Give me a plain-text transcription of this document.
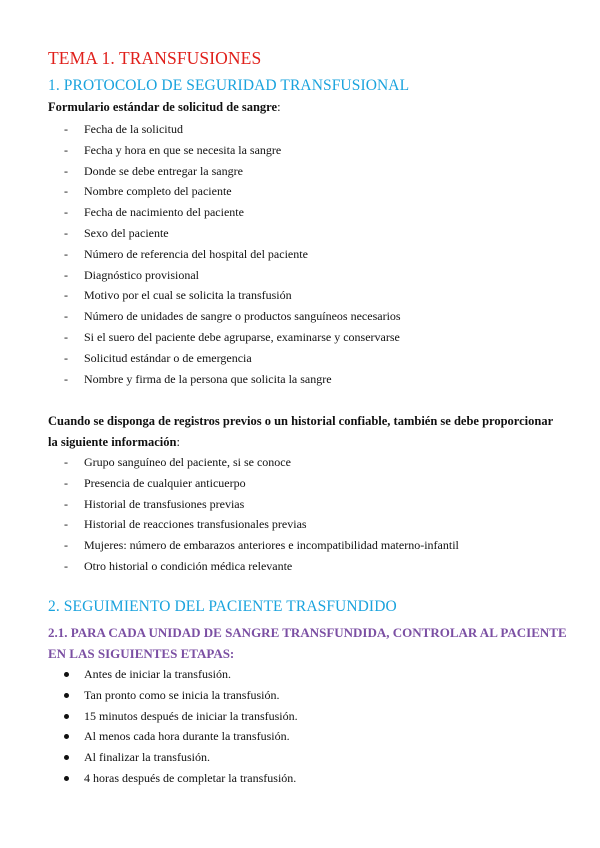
TEMA 1. TRANSFUSIONES
1. PROTOCOLO DE SEGURIDAD TRANSFUSIONAL
Formulario estándar de solicitud de sangre:
- Fecha de la solicitud
- Fecha y hora en que se necesita la sangre
- Donde se debe entregar la sangre
- Nombre completo del paciente
- Fecha de nacimiento del paciente
- Sexo del paciente
- Número de referencia del hospital del paciente
- Diagnóstico provisional
- Motivo por el cual se solicita la transfusión
- Número de unidades de sangre o productos sanguíneos necesarios
- Si el suero del paciente debe agruparse, examinarse y conservarse
- Solicitud estándar o de emergencia
- Nombre y firma de la persona que solicita la sangre
Cuando se disponga de registros previos o un historial confiable, también se debe proporcionar la siguiente información:
- Grupo sanguíneo del paciente, si se conoce
- Presencia de cualquier anticuerpo
- Historial de transfusiones previas
- Historial de reacciones transfusionales previas
- Mujeres: número de embarazos anteriores e incompatibilidad materno-infantil
- Otro historial o condición médica relevante
2. SEGUIMIENTO DEL PACIENTE TRASFUNDIDO
2.1. PARA CADA UNIDAD DE SANGRE TRANSFUNDIDA, CONTROLAR AL PACIENTE EN LAS SIGUIENTES ETAPAS:
Antes de iniciar la transfusión.
Tan pronto como se inicia la transfusión.
15 minutos después de iniciar la transfusión.
Al menos cada hora durante la transfusión.
Al finalizar la transfusión.
4 horas después de completar la transfusión.
